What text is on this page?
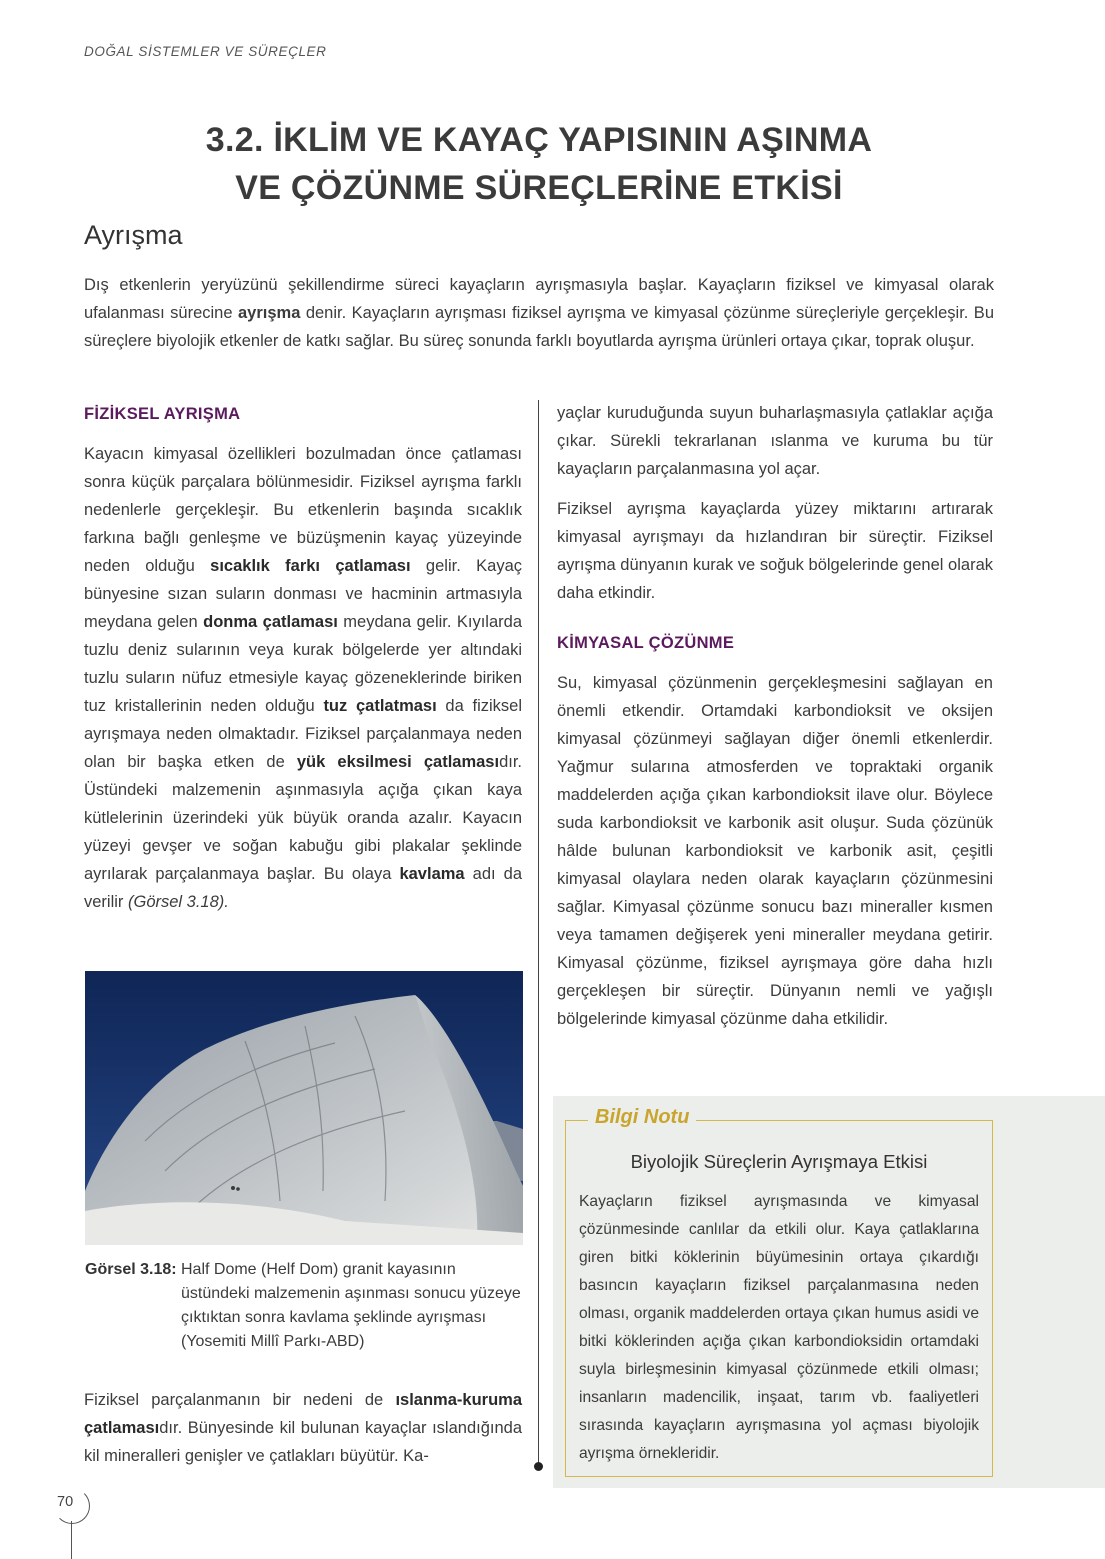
DOĞAL SİSTEMLER VE SÜREÇLER
3.2. İKLİM VE KAYAÇ YAPISININ AŞINMA
VE ÇÖZÜNME SÜREÇLERİNE ETKİSİ
Ayrışma

Dış etkenlerin yeryüzünü şekillendirme süreci kayaçların ayrışmasıyla başlar. Kayaçların fiziksel ve kimyasal olarak ufalanması sürecine ayrışma denir. Kayaçların ayrışması fiziksel ayrışma ve kimyasal çözünme süreçleriyle gerçekleşir. Bu süreçlere biyolojik etkenler de katkı sağlar. Bu süreç sonunda farklı boyutlarda ayrışma ürünleri ortaya çıkar, toprak oluşur.

FİZİKSEL AYRIŞMA

Kayacın kimyasal özellikleri bozulmadan önce çatlaması sonra küçük parçalara bölünmesidir. Fiziksel ayrışma farklı nedenlerle gerçekleşir. Bu etkenlerin başında sıcaklık farkına bağlı genleşme ve büzüşmenin kayaç yüzeyinde neden olduğu sıcaklık farkı çatlaması gelir. Kayaç bünyesine sızan suların donması ve hacminin artmasıyla meydana gelen donma çatlaması meydana gelir. Kıyılarda tuzlu deniz sularının veya kurak bölgelerde yer altındaki tuzlu suların nüfuz etmesiyle kayaç gözeneklerinde biriken tuz kristallerinin neden olduğu tuz çatlatması da fiziksel ayrışmaya neden olmaktadır. Fiziksel parçalanmaya neden olan bir başka etken de yük eksilmesi çatlamasıdır. Üstündeki malzemenin aşınmasıyla açığa çıkan kaya kütlelerinin üzerindeki yük büyük oranda azalır. Kayacın yüzeyi gevşer ve soğan kabuğu gibi plakalar şeklinde ayrılarak parçalanmaya başlar. Bu olaya kavlama adı da verilir (Görsel 3.18).

Görsel 3.18: Half Dome (Helf Dom) granit kayasının üstündeki malzemenin aşınması sonucu yüzeye çıktıktan sonra kavlama şeklinde ayrışması (Yosemiti Millî Parkı-ABD)

Fiziksel parçalanmanın bir nedeni de ıslanma-kuruma çatlamasıdır. Bünyesinde kil bulunan kayaçlar ıslandığında kil mineralleri genişler ve çatlakları büyütür. Ka-

yaçlar kuruduğunda suyun buharlaşmasıyla çatlaklar açığa çıkar. Sürekli tekrarlanan ıslanma ve kuruma bu tür kayaçların parçalanmasına yol açar.

Fiziksel ayrışma kayaçlarda yüzey miktarını artırarak kimyasal ayrışmayı da hızlandıran bir süreçtir. Fiziksel ayrışma dünyanın kurak ve soğuk bölgelerinde genel olarak daha etkindir.

KİMYASAL ÇÖZÜNME

Su, kimyasal çözünmenin gerçekleşmesini sağlayan en önemli etkendir. Ortamdaki karbondioksit ve oksijen kimyasal çözünmeyi sağlayan diğer önemli etkenlerdir. Yağmur sularına atmosferden ve topraktaki organik maddelerden açığa çıkan karbondioksit ilave olur. Böylece suda karbondioksit ve karbonik asit oluşur. Suda çözünük hâlde bulunan karbondioksit ve karbonik asit, çeşitli kimyasal olaylara neden olarak kayaçların çözünmesini sağlar. Kimyasal çözünme sonucu bazı mineraller kısmen veya tamamen değişerek yeni mineraller meydana getirir. Kimyasal çözünme, fiziksel ayrışmaya göre daha hızlı gerçekleşen bir süreçtir. Dünyanın nemli ve yağışlı bölgelerinde kimyasal çözünme daha etkilidir.

Bilgi Notu
Biyolojik Süreçlerin Ayrışmaya Etkisi

Kayaçların fiziksel ayrışmasında ve kimyasal çözünmesinde canlılar da etkili olur. Kaya çatlaklarına giren bitki köklerinin büyümesinin ortaya çıkardığı basıncın kayaçların fiziksel parçalanmasına neden olması, organik maddelerden ortaya çıkan humus asidi ve bitki köklerinden açığa çıkan karbondioksidin ortamdaki suyla birleşmesinin kimyasal çözünmede etkili olması; insanların madencilik, inşaat, tarım vb. faaliyetleri sırasında kayaçların ayrışmasına yol açması biyolojik ayrışma örnekleridir.

70
